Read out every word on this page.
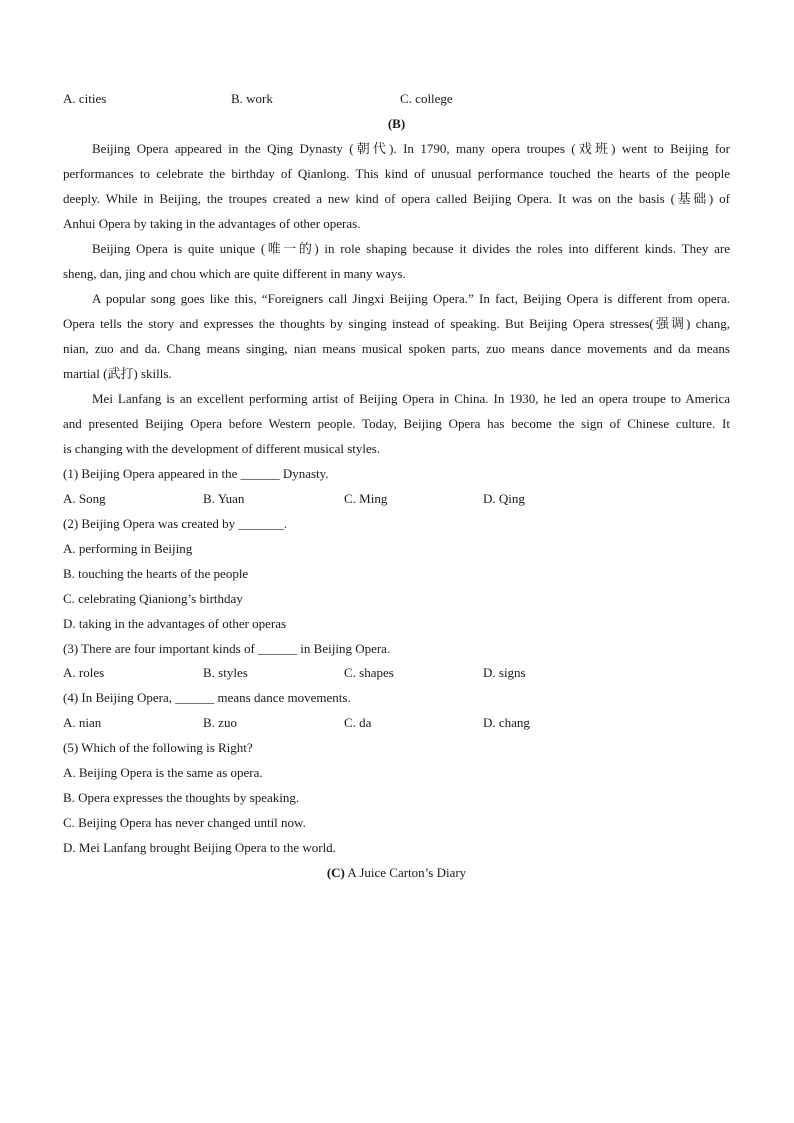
A. cities	B. work	C. college
(B)
Beijing Opera appeared in the Qing Dynasty (朝代). In 1790, many opera troupes (戏班) went to Beijing for
performances to celebrate the birthday of Qianlong. This kind of unusual performance touched the hearts of the people
deeply. While in Beijing, the troupes created a new kind of opera called Beijing Opera. It was on the basis (基础) of
Anhui Opera by taking in the advantages of other operas.
Beijing Opera is quite unique (唯一的) in role shaping because it divides the roles into different kinds. They are
sheng, dan, jing and chou which are quite different in many ways.
A popular song goes like this, “Foreigners call Jingxi Beijing Opera.” In fact, Beijing Opera is different from opera.
Opera tells the story and expresses the thoughts by singing instead of speaking. But Beijing Opera stresses(强调) chang,
nian, zuo and da. Chang means singing, nian means musical spoken parts, zuo means dance movements and da means
martial (武打) skills.
Mei Lanfang is an excellent performing artist of Beijing Opera in China. In 1930, he led an opera troupe to America
and presented Beijing Opera before Western people. Today, Beijing Opera has become the sign of Chinese culture. It
is changing with the development of different musical styles.
(1) Beijing Opera appeared in the ______ Dynasty.
A. Song	B. Yuan	C. Ming	D. Qing
(2) Beijing Opera was created by _______.
A. performing in Beijing
B. touching the hearts of the people
C. celebrating Qianiong’s birthday
D. taking in the advantages of other operas
(3) There are four important kinds of ______ in Beijing Opera.
A. roles	B. styles	C. shapes	D. signs
(4) In Beijing Opera, ______ means dance movements.
A. nian	B. zuo	C. da	D. chang
(5) Which of the following is Right?
A. Beijing Opera is the same as opera.
B. Opera expresses the thoughts by speaking.
C. Beijing Opera has never changed until now.
D. Mei Lanfang brought Beijing Opera to the world.
(C) A Juice Carton’s Diary
